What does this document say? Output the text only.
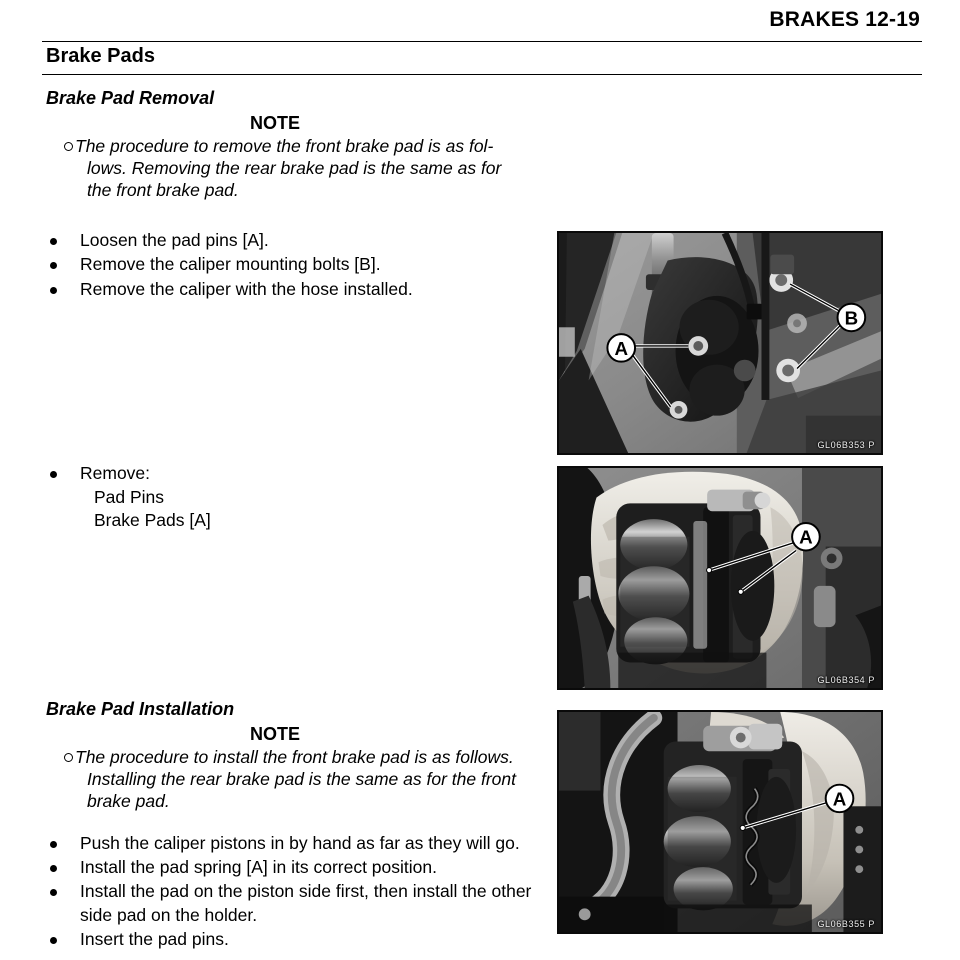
BRAKES 12-19
Brake Pads
Brake Pad Removal
NOTE
The procedure to remove the front brake pad is as fol-
lows. Removing the rear brake pad is the same as for
the front brake pad.
Loosen the pad pins [A].
Remove the caliper mounting bolts [B].
Remove the caliper with the hose installed.
Remove:
Pad Pins
Brake Pads [A]
Brake Pad Installation
NOTE
The procedure to install the front brake pad is as follows.
Installing the rear brake pad is the same as for the front
brake pad.
Push the caliper pistons in by hand as far as they will go.
Install the pad spring [A] in its correct position.
Install the pad on the piston side first, then install the other
side pad on the holder.
Insert the pad pins.
A
B
GL06B353 P
A
GL06B354 P
A
GL06B355 P
